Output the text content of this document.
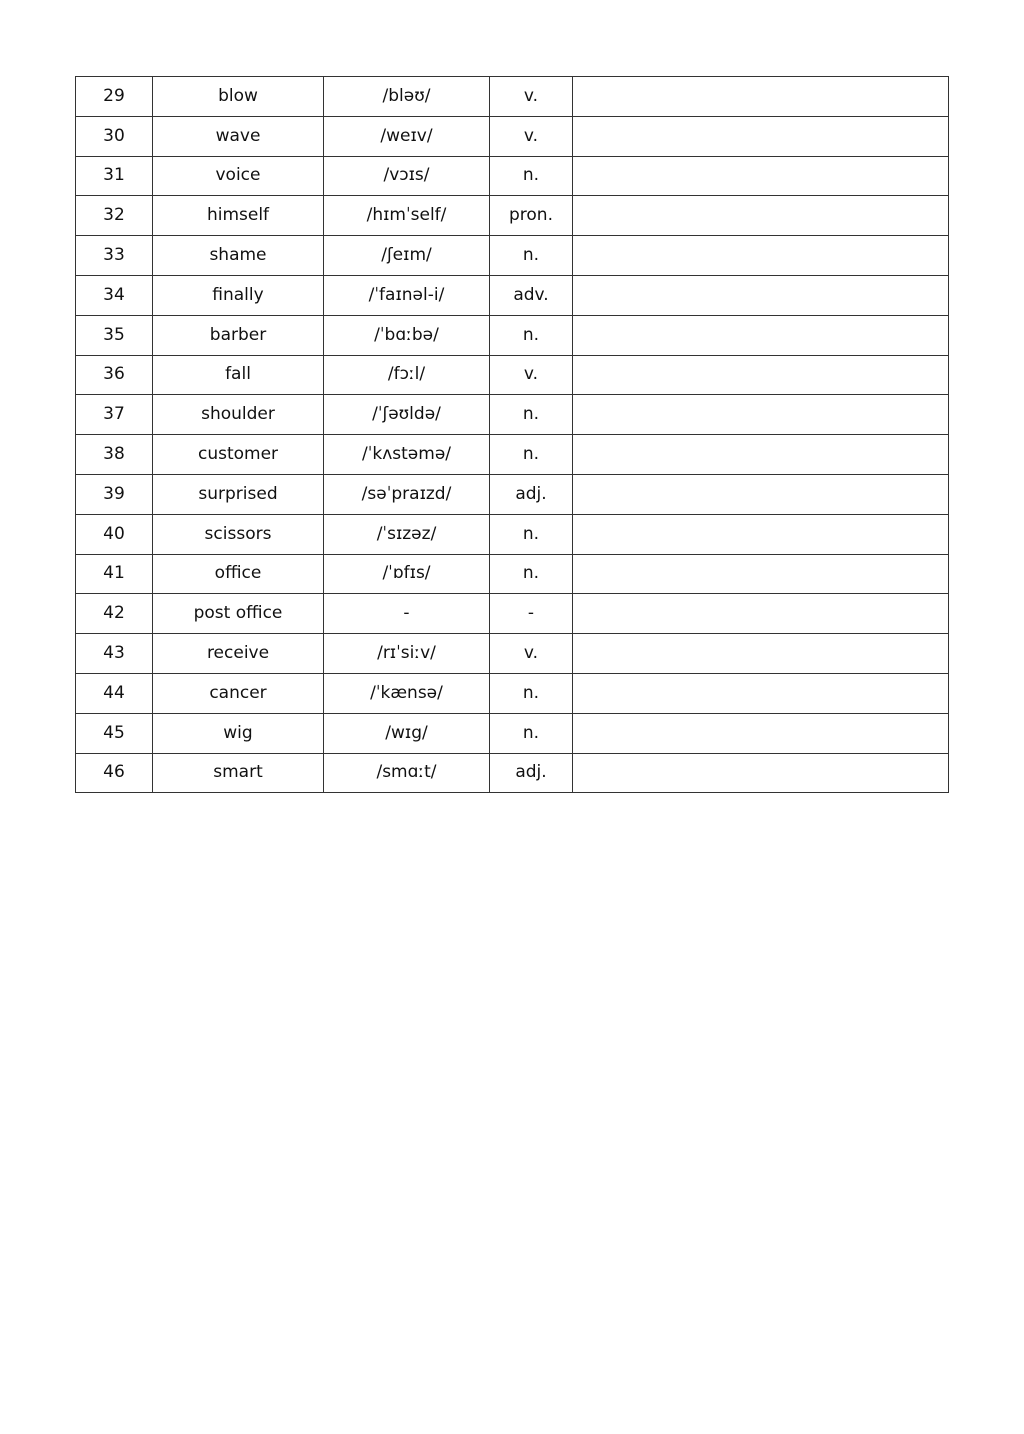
29	blow	/bləʊ/	v.	
30	wave	/weɪv/	v.	
31	voice	/vɔɪs/	n.	
32	himself	/hɪmˈself/	pron.	
33	shame	/ʃeɪm/	n.	
34	finally	/ˈfaɪnəl-i/	adv.	
35	barber	/ˈbɑːbə/	n.	
36	fall	/fɔːl/	v.	
37	shoulder	/ˈʃəʊldə/	n.	
38	customer	/ˈkʌstəmə/	n.	
39	surprised	/səˈpraɪzd/	adj.	
40	scissors	/ˈsɪzəz/	n.	
41	office	/ˈɒfɪs/	n.	
42	post office	-	-	
43	receive	/rɪˈsiːv/	v.	
44	cancer	/ˈkænsə/	n.	
45	wig	/wɪg/	n.	
46	smart	/smɑːt/	adj.	
